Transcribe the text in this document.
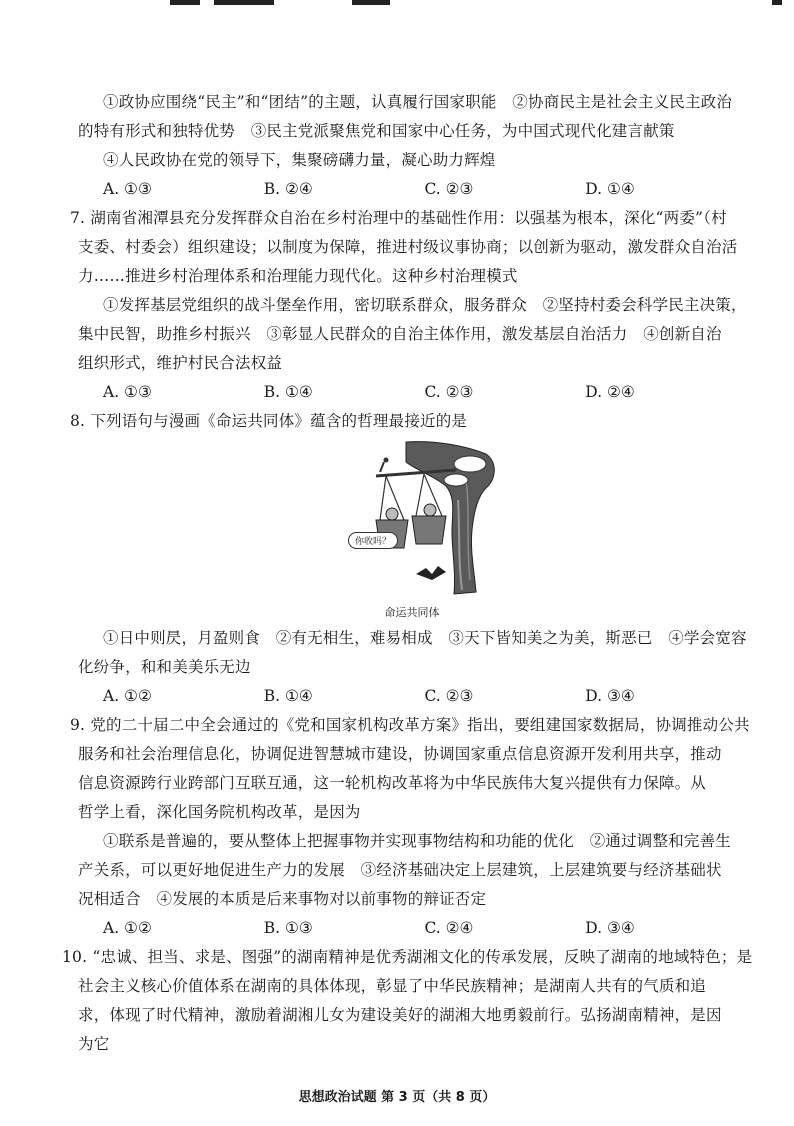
①政协应围绕“民主”和“团结”的主题，认真履行国家职能　②协商民主是社会主义民主政治
的特有形式和独特优势　③民主党派聚焦党和国家中心任务，为中国式现代化建言献策
④人民政协在党的领导下，集聚磅礴力量，凝心助力辉煌
A. ①③	B. ②④	C. ②③	D. ①④
7. 湖南省湘潭县充分发挥群众自治在乡村治理中的基础性作用：以强基为根本，深化“两委”（村
支委、村委会）组织建设；以制度为保障，推进村级议事协商；以创新为驱动，激发群众自治活
力……推进乡村治理体系和治理能力现代化。这种乡村治理模式
①发挥基层党组织的战斗堡垒作用，密切联系群众，服务群众　②坚持村委会科学民主决策，
集中民智，助推乡村振兴　③彰显人民群众的自治主体作用，激发基层自治活力　④创新自治
组织形式，维护村民合法权益
A. ①③	B. ①④	C. ②③	D. ②④
8. 下列语句与漫画《命运共同体》蕴含的哲理最接近的是
你收吗？
命运共同体
①日中则昃，月盈则食　②有无相生，难易相成　③天下皆知美之为美，斯恶已　④学会宽容
化纷争，和和美美乐无边
A. ①②	B. ①④	C. ②③	D. ③④
9. 党的二十届二中全会通过的《党和国家机构改革方案》指出，要组建国家数据局，协调推动公共
服务和社会治理信息化，协调促进智慧城市建设，协调国家重点信息资源开发利用共享，推动
信息资源跨行业跨部门互联互通，这一轮机构改革将为中华民族伟大复兴提供有力保障。从
哲学上看，深化国务院机构改革，是因为
①联系是普遍的，要从整体上把握事物并实现事物结构和功能的优化　②通过调整和完善生
产关系，可以更好地促进生产力的发展　③经济基础决定上层建筑，上层建筑要与经济基础状
况相适合　④发展的本质是后来事物对以前事物的辩证否定
A. ①②	B. ①③	C. ②④	D. ③④
10. “忠诚、担当、求是、图强”的湖南精神是优秀湖湘文化的传承发展，反映了湖南的地域特色；是
社会主义核心价值体系在湖南的具体体现，彰显了中华民族精神；是湖南人共有的气质和追
求，体现了时代精神，激励着湖湘儿女为建设美好的湖湘大地勇毅前行。弘扬湖南精神，是因
为它
思想政治试题 第 3 页（共 8 页）
